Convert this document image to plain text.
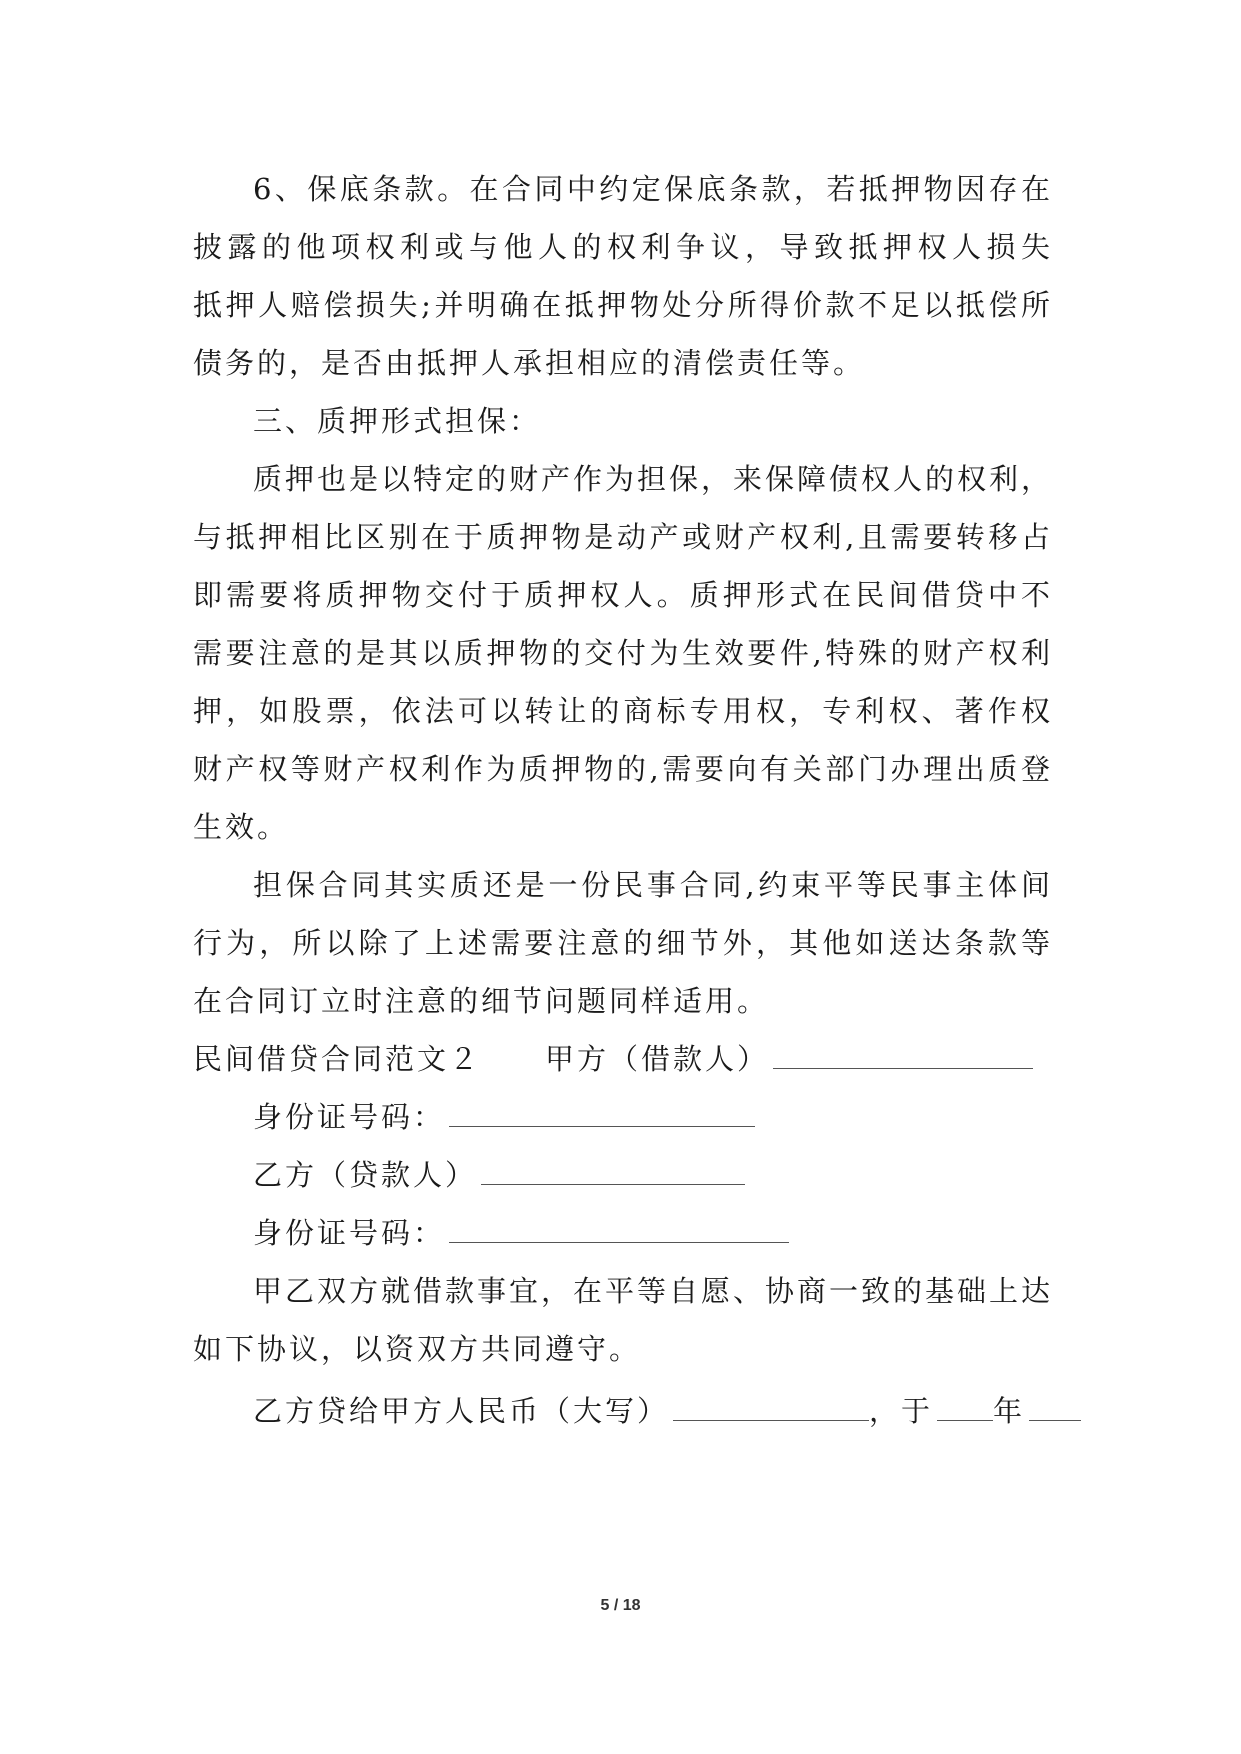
6、保底条款。在合同中约定保底条款，若抵押物因存在
披露的他项权利或与他人的权利争议，导致抵押权人损失
抵押人赔偿损失;并明确在抵押物处分所得价款不足以抵偿所
债务的，是否由抵押人承担相应的清偿责任等。
三、质押形式担保：
质押也是以特定的财产作为担保，来保障债权人的权利，
与抵押相比区别在于质押物是动产或财产权利,且需要转移占
即需要将质押物交付于质押权人。质押形式在民间借贷中不
需要注意的是其以质押物的交付为生效要件,特殊的财产权利
押，如股票，依法可以转让的商标专用权，专利权、著作权
财产权等财产权利作为质押物的,需要向有关部门办理出质登
生效。
担保合同其实质还是一份民事合同,约束平等民事主体间
行为，所以除了上述需要注意的细节外，其他如送达条款等
在合同订立时注意的细节问题同样适用。
民间借贷合同范文２ 甲方（借款人）
身份证号码：
乙方（贷款人）
身份证号码：
甲乙双方就借款事宜，在平等自愿、协商一致的基础上达
如下协议，以资双方共同遵守。
乙方贷给甲方人民币（大写）	，于 年
5 / 18
